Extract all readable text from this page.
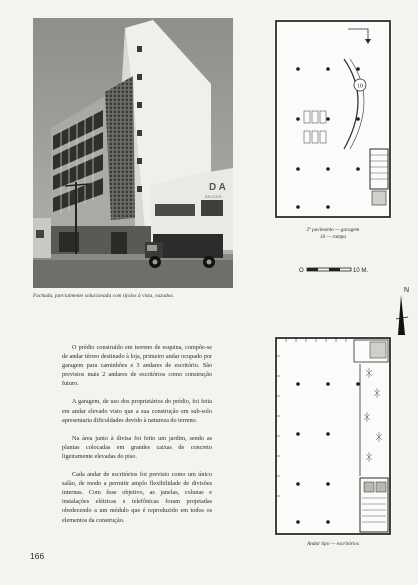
D A
BEUCER
Fachada, parcialmente solucionada com tijolos à vista, vazados.
10
2º pavimento — garagem
10 — rampa
O	10 M.
N
Andar tipo — escritórios

O prédio construído em terreno de esquina, compõe-se de andar térreo destinado à loja, primeiro andar ocupado por garagem para caminhões e 3 andares de escritório. São previstos mais 2 andares de escritórios como construção futuro.

A garagem, de uso dos proprietários do prédio, foi feita em andar elevado visto que a sua construção em sub-solo apresentaria dificuldades devido à natureza do terreno.

Na área junto à divisa foi feito um jardim, sendo as plantas colocadas em grandes caixas de concreto ligeiramente elevadas do piso.

Cada andar de escritórios foi previsto como um único salão, de modo a permitir amplo flexibilidade de divisões internas. Com êsse objetivo, as janelas, colunas e instalações elétricas e telefônicas foram projetadas obedecendo a um módulo que é reproduzido em todos os elementos da construção.

166
